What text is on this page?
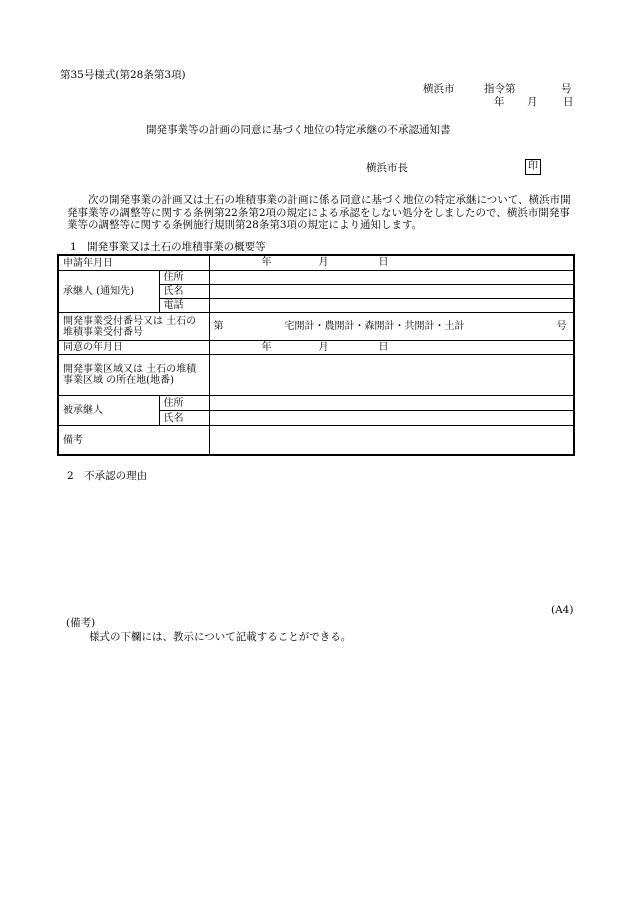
第35号様式(第28条第3項)
横浜市	指令第	号
年 月 日
開発事業等の計画の同意に基づく地位の特定承継の不承認通知書
横浜市長	印
次の開発事業の計画又は土石の堆積事業の計画に係る同意に基づく地位の特定承継について、横浜市開発事業等の調整等に関する条例第22条第2項の規定による承認をしない処分をしましたので、横浜市開発事業等の調整等に関する条例施行規則第28条第3項の規定により通知します。
1　開発事業又は土石の堆積事業の概要等
申請年月日		年 月 日

承継人 (通知先)	住所	
	氏名	
	電話	
開発事業受付番号又は 土石の堆積事業受付番号		第 宅開計・農開計・森開計・共開計・土計 号

同意の年月日		年 月 日

開発事業区域又は 土石の堆積事業区域 の所在地(地番)		
被承継人	住所	
	氏名	
備考		
2　不承認の理由
(A4)
(備考)
様式の下欄には、教示について記載することができる。
